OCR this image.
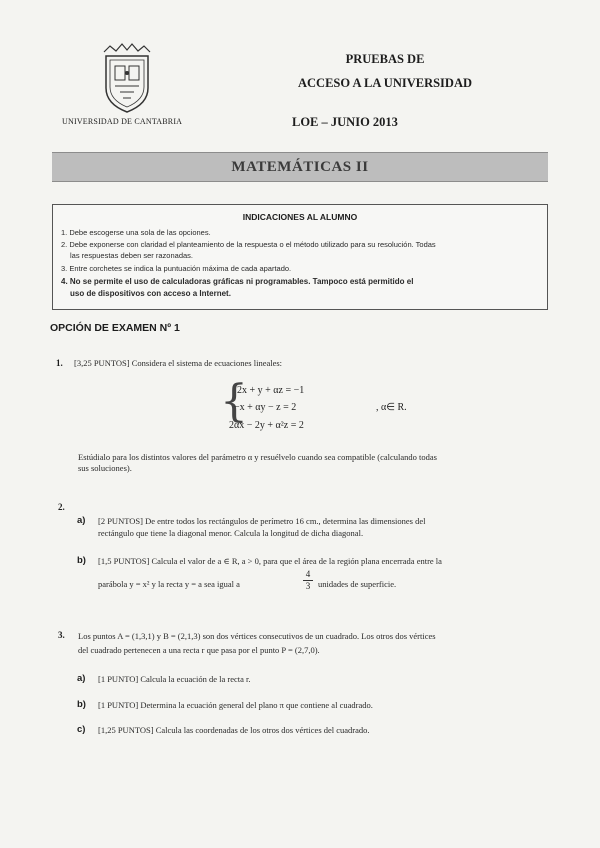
UNIVERSIDAD DE CANTABRIA
PRUEBAS DE
ACCESO A LA UNIVERSIDAD
LOE – JUNIO 2013
MATEMÁTICAS II
INDICACIONES AL ALUMNO
1. Debe escogerse una sola de las opciones.
2. Debe exponerse con claridad el planteamiento de la respuesta o el método utilizado para su resolución. Todas
las respuestas deben ser razonadas.
3. Entre corchetes se indica la puntuación máxima de cada apartado.
4. No se permite el uso de calculadoras gráficas ni programables. Tampoco está permitido el
uso de dispositivos con acceso a Internet.
OPCIÓN DE EXAMEN Nº 1
1. [3,25 PUNTOS] Considera el sistema de ecuaciones lineales:
{
2x + y + αz = −1
−x + αy − z = 2
2αx − 2y + α²z = 2
, α∈ R.
Estúdialo para los distintos valores del parámetro α y resuélvelo cuando sea compatible (calculando todas
sus soluciones).
2.
a) [2 PUNTOS] De entre todos los rectángulos de perímetro 16 cm., determina las dimensiones del
rectángulo que tiene la diagonal menor. Calcula la longitud de dicha diagonal.
b) [1,5 PUNTOS] Calcula el valor de a ∈ R, a > 0, para que el área de la región plana encerrada entre la
parábola y = x² y la recta y = a sea igual a	$\frac{4}{3}$ unidades de superficie.
3. Los puntos A = (1,3,1) y B = (2,1,3) son dos vértices consecutivos de un cuadrado. Los otros dos vértices
del cuadrado pertenecen a una recta r que pasa por el punto P = (2,7,0).
a) [1 PUNTO] Calcula la ecuación de la recta r.
b) [1 PUNTO] Determina la ecuación general del plano π que contiene al cuadrado.
c) [1,25 PUNTOS] Calcula las coordenadas de los otros dos vértices del cuadrado.
